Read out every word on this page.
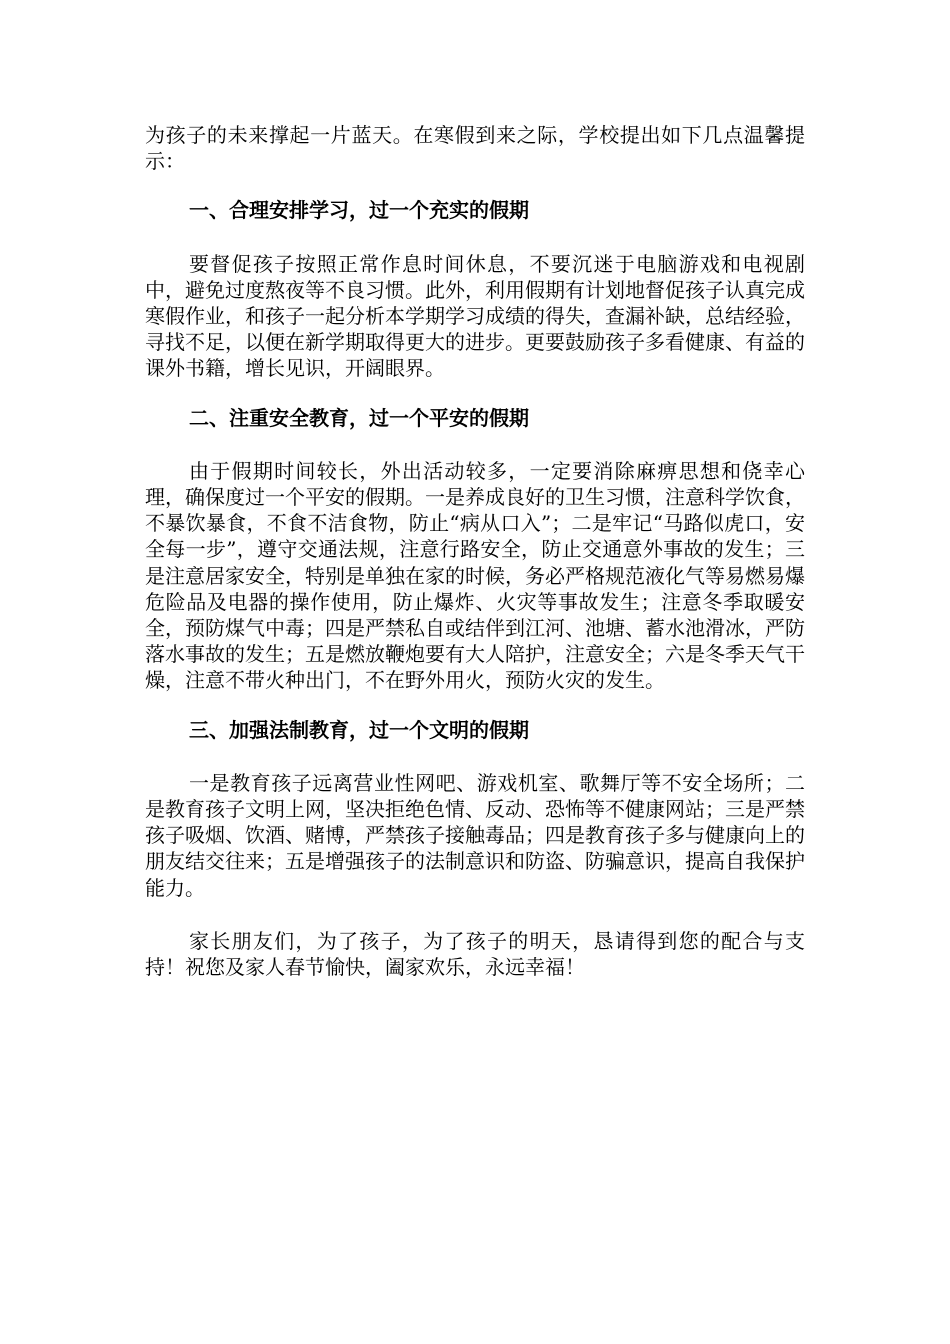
为孩子的未来撑起一片蓝天。在寒假到来之际，学校提出如下几点温馨提示：

一、合理安排学习，过一个充实的假期

要督促孩子按照正常作息时间休息，不要沉迷于电脑游戏和电视剧中，避免过度熬夜等不良习惯。此外，利用假期有计划地督促孩子认真完成寒假作业，和孩子一起分析本学期学习成绩的得失，查漏补缺，总结经验，寻找不足，以便在新学期取得更大的进步。更要鼓励孩子多看健康、有益的课外书籍，增长见识，开阔眼界。

二、注重安全教育，过一个平安的假期

由于假期时间较长，外出活动较多，一定要消除麻痹思想和侥幸心理，确保度过一个平安的假期。一是养成良好的卫生习惯，注意科学饮食，不暴饮暴食，不食不洁食物，防止“病从口入”；二是牢记“马路似虎口，安全每一步”，遵守交通法规，注意行路安全，防止交通意外事故的发生；三是注意居家安全，特别是单独在家的时候，务必严格规范液化气等易燃易爆危险品及电器的操作使用，防止爆炸、火灾等事故发生；注意冬季取暖安全，预防煤气中毒；四是严禁私自或结伴到江河、池塘、蓄水池滑冰，严防落水事故的发生；五是燃放鞭炮要有大人陪护，注意安全；六是冬季天气干燥，注意不带火种出门，不在野外用火，预防火灾的发生。

三、加强法制教育，过一个文明的假期

一是教育孩子远离营业性网吧、游戏机室、歌舞厅等不安全场所；二是教育孩子文明上网，坚决拒绝色情、反动、恐怖等不健康网站；三是严禁孩子吸烟、饮酒、赌博，严禁孩子接触毒品；四是教育孩子多与健康向上的朋友结交往来；五是增强孩子的法制意识和防盗、防骗意识，提高自我保护能力。

家长朋友们，为了孩子，为了孩子的明天，恳请得到您的配合与支持！祝您及家人春节愉快，阖家欢乐，永远幸福！
